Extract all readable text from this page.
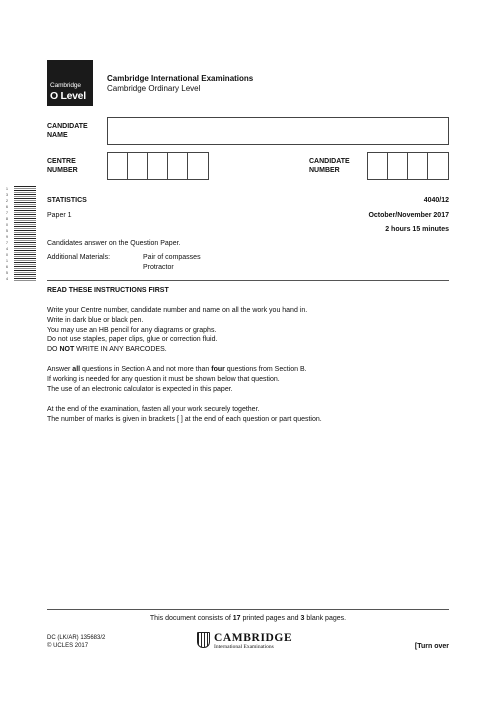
Cambridge
O Level
Cambridge International Examinations
Cambridge Ordinary Level
CANDIDATE
NAME
CENTRE
NUMBER
CANDIDATE
NUMBER
1
3
2
6
7
8
0
5
9
7
4
0
1
6
5
4
STATISTICS	4040/12
Paper 1	October/November 2017
2 hours 15 minutes
Candidates answer on the Question Paper.
Additional Materials:	Pair of compasses
Protractor
READ THESE INSTRUCTIONS FIRST
Write your Centre number, candidate number and name on all the work you hand in.
Write in dark blue or black pen.
You may use an HB pencil for any diagrams or graphs.
Do not use staples, paper clips, glue or correction fluid.
DO NOT WRITE IN ANY BARCODES.
Answer all questions in Section A and not more than four questions from Section B.
If working is needed for any question it must be shown below that question.
The use of an electronic calculator is expected in this paper.
At the end of the examination, fasten all your work securely together.
The number of marks is given in brackets [ ] at the end of each question or part question.
This document consists of 17 printed pages and 3 blank pages.
DC (LK/AR) 135683/2
© UCLES 2017
CAMBRIDGE
International Examinations	[Turn over
